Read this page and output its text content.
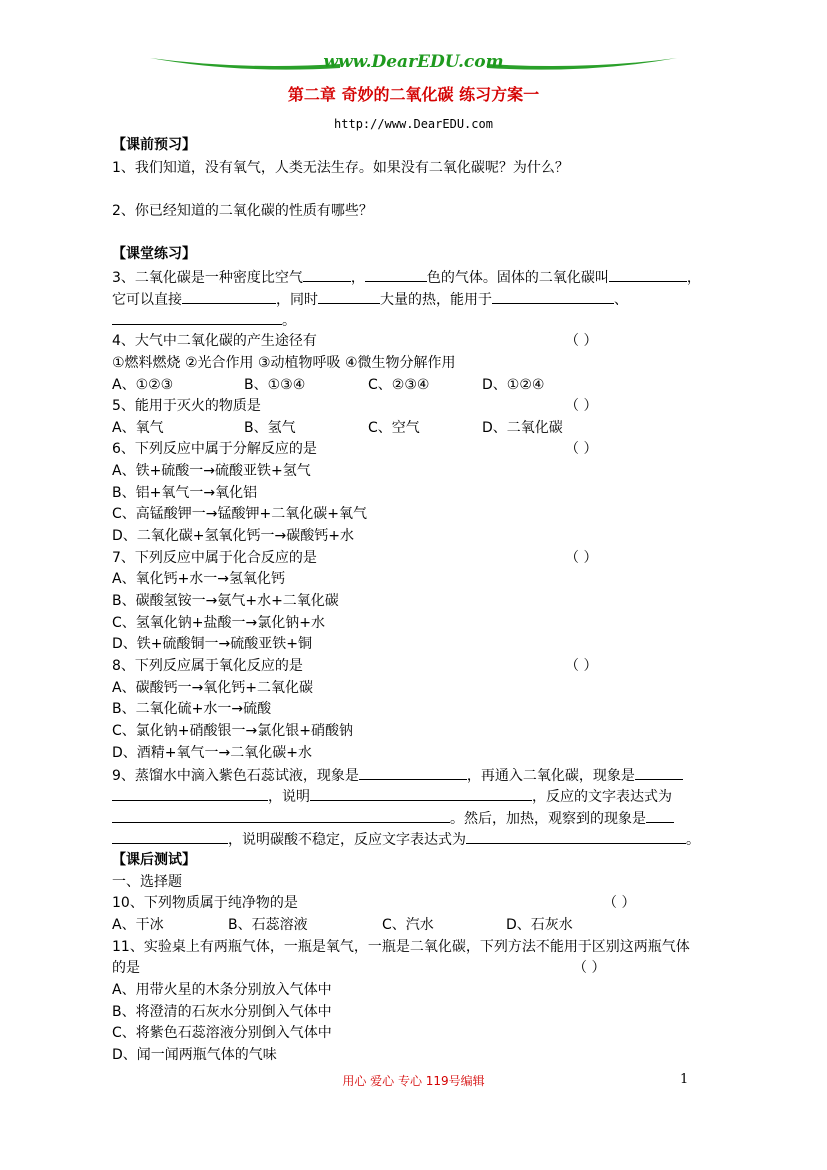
www.DearEDU.com
第二章 奇妙的二氧化碳 练习方案一
http://www.DearEDU.com
【课前预习】
1、我们知道，没有氧气，人类无法生存。如果没有二氧化碳呢？为什么？
2、你已经知道的二氧化碳的性质有哪些？
【课堂练习】
3、二氧化碳是一种密度比空气	，	色的气体。固体的二氧化碳叫	，
它可以直接	，同时	大量的热，能用于	、
。
4、大气中二氧化碳的产生途径有	（ ）
①燃料燃烧 ②光合作用 ③动植物呼吸 ④微生物分解作用
A、①②③	B、①③④	C、②③④	D、①②④
5、能用于灭火的物质是	（ ）
A、氧气	B、氢气	C、空气	D、二氧化碳
6、下列反应中属于分解反应的是	（ ）
A、铁+硫酸一→硫酸亚铁+氢气
B、铝+氧气一→氧化铝
C、高锰酸钾一→锰酸钾+二氧化碳+氧气
D、二氧化碳+氢氧化钙一→碳酸钙+水
7、下列反应中属于化合反应的是	（ ）
A、氧化钙+水一→氢氧化钙
B、碳酸氢铵一→氨气+水+二氧化碳
C、氢氧化钠+盐酸一→氯化钠+水
D、铁+硫酸铜一→硫酸亚铁+铜
8、下列反应属于氧化反应的是	（ ）
A、碳酸钙一→氧化钙+二氧化碳
B、二氧化硫+水一→硫酸
C、氯化钠+硝酸银一→氯化银+硝酸钠
D、酒精+氧气一→二氧化碳+水
9、蒸馏水中滴入紫色石蕊试液，现象是	，再通入二氧化碳，现象是
，说明	，反应的文字表达式为
。然后，加热，观察到的现象是
，说明碳酸不稳定，反应文字表达式为	。
【课后测试】
一、选择题
10、下列物质属于纯净物的是	（ ）
A、干冰	B、石蕊溶液	C、汽水	D、石灰水
11、实验桌上有两瓶气体，一瓶是氧气，一瓶是二氧化碳，下列方法不能用于区别这两瓶气体
的是	（ ）
A、用带火星的木条分别放入气体中
B、将澄清的石灰水分别倒入气体中
C、将紫色石蕊溶液分别倒入气体中
D、闻一闻两瓶气体的气味
用心 爱心 专心 119号编辑	1
